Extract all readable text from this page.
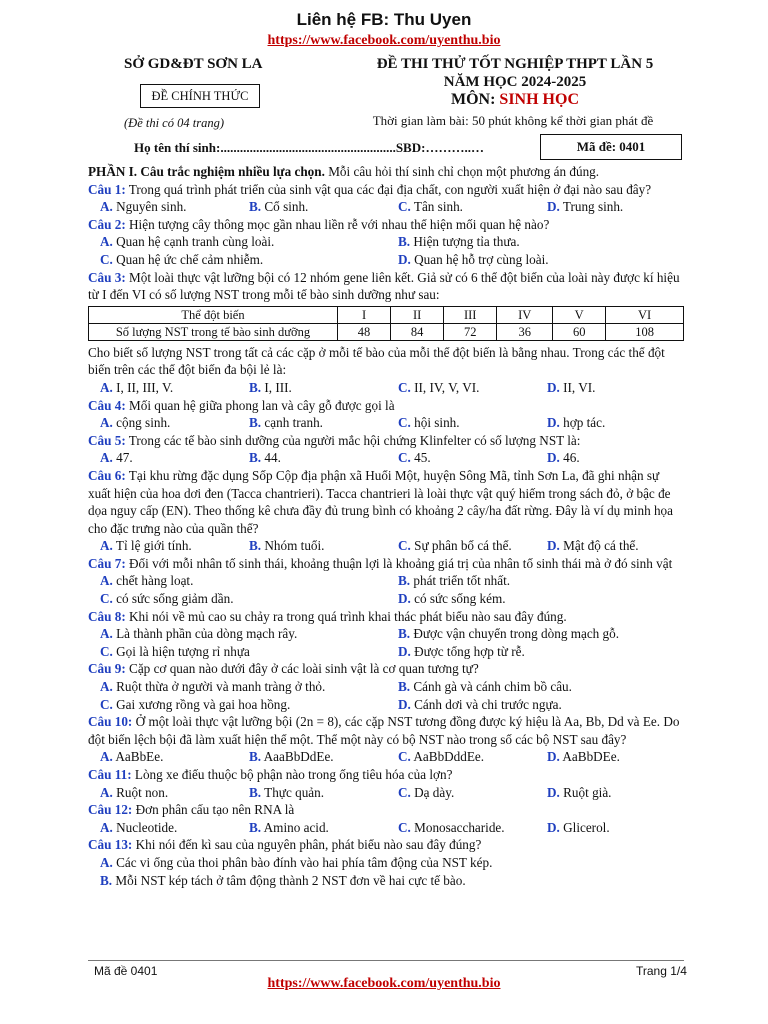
Liên hệ FB: Thu Uyen
https://www.facebook.com/uyenthu.bio
SỞ GD&ĐT SƠN LA
ĐỀ CHÍNH THỨC
(Đề thi có 04 trang)
ĐỀ THI THỬ TỐT NGHIỆP THPT LẦN 5
NĂM HỌC 2024-2025
MÔN: SINH HỌC
Thời gian làm bài: 50 phút không kể thời gian phát đề
Họ tên thí sinh:......................................................SBD:………..…	Mã đề: 0401

PHẦN I. Câu trắc nghiệm nhiều lựa chọn. Mỗi câu hỏi thí sinh chỉ chọn một phương án đúng.

Câu 1: Trong quá trình phát triển của sinh vật qua các đại địa chất, con người xuất hiện ở đại nào sau đây?

A. Nguyên sinh.	B. Cổ sinh.	C. Tân sinh.	D. Trung sinh.

Câu 2: Hiện tượng cây thông mọc gần nhau liền rễ với nhau thể hiện mối quan hệ nào?

A. Quan hệ cạnh tranh cùng loài.	B. Hiện tượng tỉa thưa.
C. Quan hệ ức chế cảm nhiễm.	D. Quan hệ hỗ trợ cùng loài.

Câu 3: Một loài thực vật lưỡng bội có 12 nhóm gene liên kết. Giả sử có 6 thể đột biến của loài này được kí hiệu từ I đến VI có số lượng NST trong mỗi tế bào sinh dưỡng như sau:

Thể đột biến	I	II	III	IV	V	VI
Số lượng NST trong tế bào sinh dưỡng	48	84	72	36	60	108

Cho biết số lượng NST trong tất cả các cặp ở mỗi tế bào của mỗi thể đột biến là bằng nhau. Trong các thể đột biến trên các thể đột biến đa bội lẻ là:

A. I, II, III, V.	B. I, III.	C. II, IV, V, VI.	D. II, VI.

Câu 4: Mối quan hệ giữa phong lan và cây gỗ được gọi là

A. cộng sinh.	B. cạnh tranh.	C. hội sinh.	D. hợp tác.

Câu 5: Trong các tế bào sinh dưỡng của người mắc hội chứng Klinfelter có số lượng NST là:

A. 47.	B. 44.	C. 45.	D. 46.

Câu 6: Tại khu rừng đặc dụng Sốp Cộp địa phận xã Huổi Một, huyện Sông Mã, tỉnh Sơn La, đã ghi nhận sự xuất hiện của hoa dơi đen (Tacca chantrieri). Tacca chantrieri là loài thực vật quý hiếm trong sách đỏ, ở bậc đe dọa nguy cấp (EN). Theo thống kê chưa đầy đủ trung bình có khoảng 2 cây/ha đất rừng. Đây là ví dụ minh họa cho đặc trưng nào của quần thể?

A. Tỉ lệ giới tính.	B. Nhóm tuổi.	C. Sự phân bố cá thể.	D. Mật độ cá thể.

Câu 7: Đối với mỗi nhân tố sinh thái, khoảng thuận lợi là khoảng giá trị của nhân tố sinh thái mà ở đó sinh vật

A. chết hàng loạt.	B. phát triển tốt nhất.
C. có sức sống giảm dần.	D. có sức sống kém.

Câu 8: Khi nói về mủ cao su chảy ra trong quá trình khai thác phát biểu nào sau đây đúng.

A. Là thành phần của dòng mạch rây.	B. Được vận chuyển trong dòng mạch gỗ.
C. Gọi là hiện tượng rỉ nhựa	D. Được tổng hợp từ rễ.

Câu 9: Cặp cơ quan nào dưới đây ở các loài sinh vật là cơ quan tương tự?

A. Ruột thừa ở người và manh tràng ở thỏ.	B. Cánh gà và cánh chim bồ câu.
C. Gai xương rồng và gai hoa hồng.	D. Cánh dơi và chi trước ngựa.

Câu 10: Ở một loài thực vật lưỡng bội (2n = 8), các cặp NST tương đồng được ký hiệu là Aa, Bb, Dd và Ee. Do đột biến lệch bội đã làm xuất hiện thể một. Thể một này có bộ NST nào trong số các bộ NST sau đây?

A. AaBbEe.	B. AaaBbDdEe.	C. AaBbDddEe.	D. AaBbDEe.

Câu 11: Lòng xe điếu thuộc bộ phận nào trong ống tiêu hóa của lợn?

A. Ruột non.	B. Thực quản.	C. Dạ dày.	D. Ruột già.

Câu 12: Đơn phân cấu tạo nên RNA là

A. Nucleotide.	B. Amino acid.	C. Monosaccharide.	D. Glicerol.

Câu 13: Khi nói đến kì sau của nguyên phân, phát biểu nào sau đây đúng?

A. Các vi ống của thoi phân bào đính vào hai phía tâm động của NST kép.

B. Mỗi NST kép tách ở tâm động thành 2 NST đơn về hai cực tế bào.

Mã đề 0401	Trang 1/4
https://www.facebook.com/uyenthu.bio
